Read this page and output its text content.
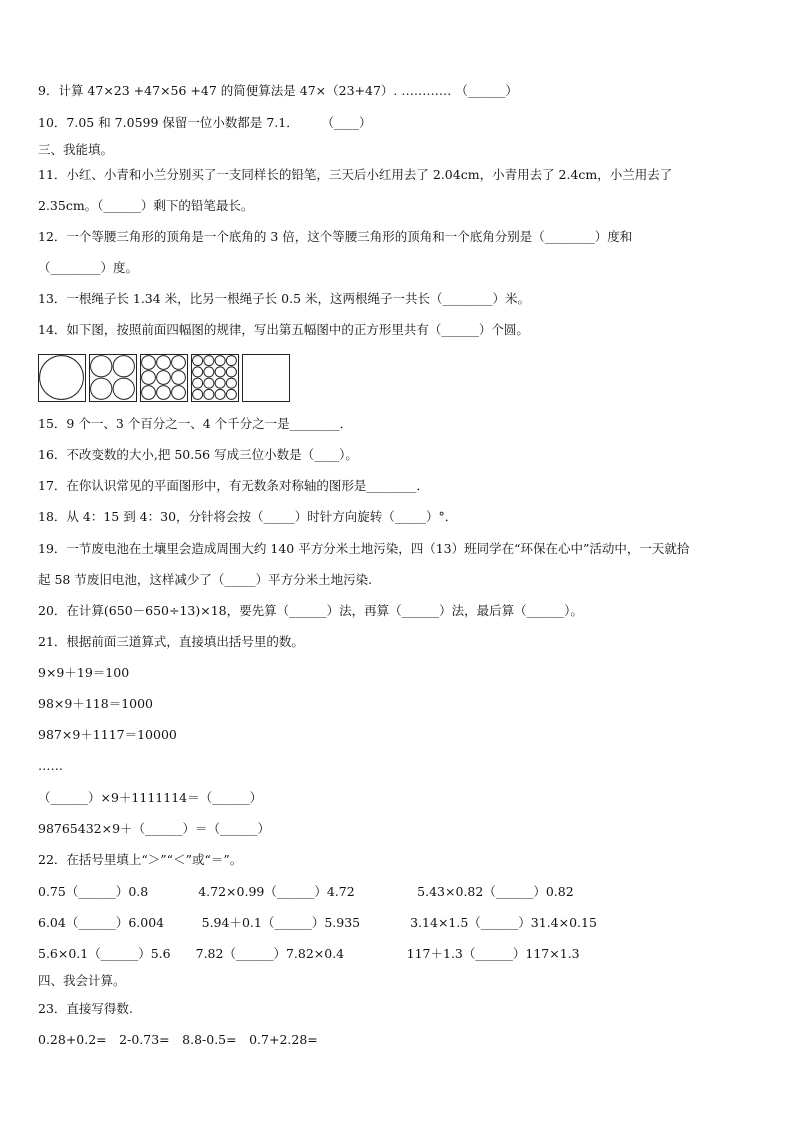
9．计算 47×23 +47×56 +47 的简便算法是 47×（23+47）. ………… （______）
10．7.05 和 7.0599 保留一位小数都是 7.1．　　 （____）
三、我能填。
11．小红、小青和小兰分别买了一支同样长的铅笔，三天后小红用去了 2.04cm，小青用去了 2.4cm，小兰用去了
2.35cm。（______）剩下的铅笔最长。
12．一个等腰三角形的顶角是一个底角的 3 倍，这个等腰三角形的顶角和一个底角分别是（________）度和
（________）度。
13．一根绳子长 1.34 米，比另一根绳子长 0.5 米，这两根绳子一共长（________）米。
14．如下图，按照前面四幅图的规律，写出第五幅图中的正方形里共有（______）个圆。
15．9 个一、3 个百分之一、4 个千分之一是________．
16．不改变数的大小,把 50.56 写成三位小数是（____）。
17．在你认识常见的平面图形中，有无数条对称轴的图形是________．
18．从 4：15 到 4：30，分针将会按（_____）时针方向旋转（_____）°．
19．一节废电池在土壤里会造成周围大约 140 平方分米土地污染，四（13）班同学在“环保在心中”活动中，一天就拾
起 58 节废旧电池，这样减少了（_____）平方分米土地污染.
20．在计算(650－650÷13)×18，要先算（______）法，再算（______）法，最后算（______）。
21．根据前面三道算式，直接填出括号里的数。
9×9＋19＝100
98×9＋118＝1000
987×9＋1117＝10000
……
（______）×9＋1111114＝（______）
98765432×9＋（______）＝（______）
22．在括号里填上“＞”“＜”或“＝”。
0.75（______）0.8　　　　4.72×0.99（______）4.72　　　　　5.43×0.82（______）0.82
6.04（______）6.004　　　5.94＋0.1（______）5.935　　　　3.14×1.5（______）31.4×0.15
5.6×0.1（______）5.6　　7.82（______）7.82×0.4　　　　　117＋1.3（______）117×1.3
四、我会计算。
23．直接写得数.
0.28+0.2=　2-0.73=　8.8-0.5=　0.7+2.28=
